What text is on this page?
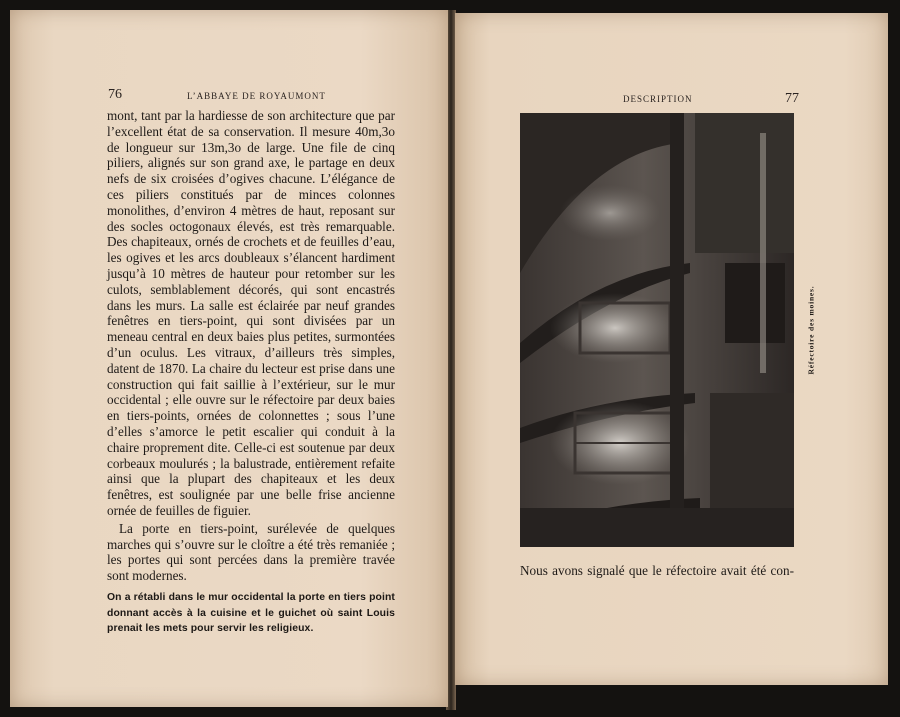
76	L’ABBAYE DE ROYAUMONT

mont, tant par la hardiesse de son architecture que par l’excellent état de sa conservation. Il mesure 40m,3o de longueur sur 13m,3o de large. Une file de cinq piliers, alignés sur son grand axe, le partage en deux nefs de six croisées d’ogives chacune. L’élégance de ces piliers constitués par de minces colonnes monolithes, d’environ 4 mètres de haut, reposant sur des socles octogonaux élevés, est très remarquable. Des chapiteaux, ornés de crochets et de feuilles d’eau, les ogives et les arcs doubleaux s’élancent hardiment jusqu’à 10 mètres de hauteur pour retomber sur les culots, semblablement décorés, qui sont encastrés dans les murs. La salle est éclairée par neuf grandes fenêtres en tiers-point, qui sont divisées par un meneau central en deux baies plus petites, surmontées d’un oculus. Les vitraux, d’ailleurs très simples, datent de 1870. La chaire du lecteur est prise dans une construction qui fait saillie à l’extérieur, sur le mur occidental ; elle ouvre sur le réfectoire par deux baies en tiers-points, ornées de colonnettes ; sous l’une d’elles s’amorce le petit escalier qui conduit à la chaire proprement dite. Celle-ci est soutenue par deux corbeaux moulurés ; la balustrade, entièrement refaite ainsi que la plupart des chapiteaux et les deux fenêtres, est soulignée par une belle frise ancienne ornée de feuilles de figuier.

La porte en tiers-point, surélevée de quelques marches qui s’ouvre sur le cloître a été très remaniée ; les portes qui sont percées dans la première travée sont modernes.

On a rétabli dans le mur occidental la porte en tiers point donnant accès à la cuisine et le guichet où saint Louis prenait les mets pour servir les religieux.

DESCRIPTION	77
Réfectoire des moines.
Nous avons signalé que le réfectoire avait été con-
